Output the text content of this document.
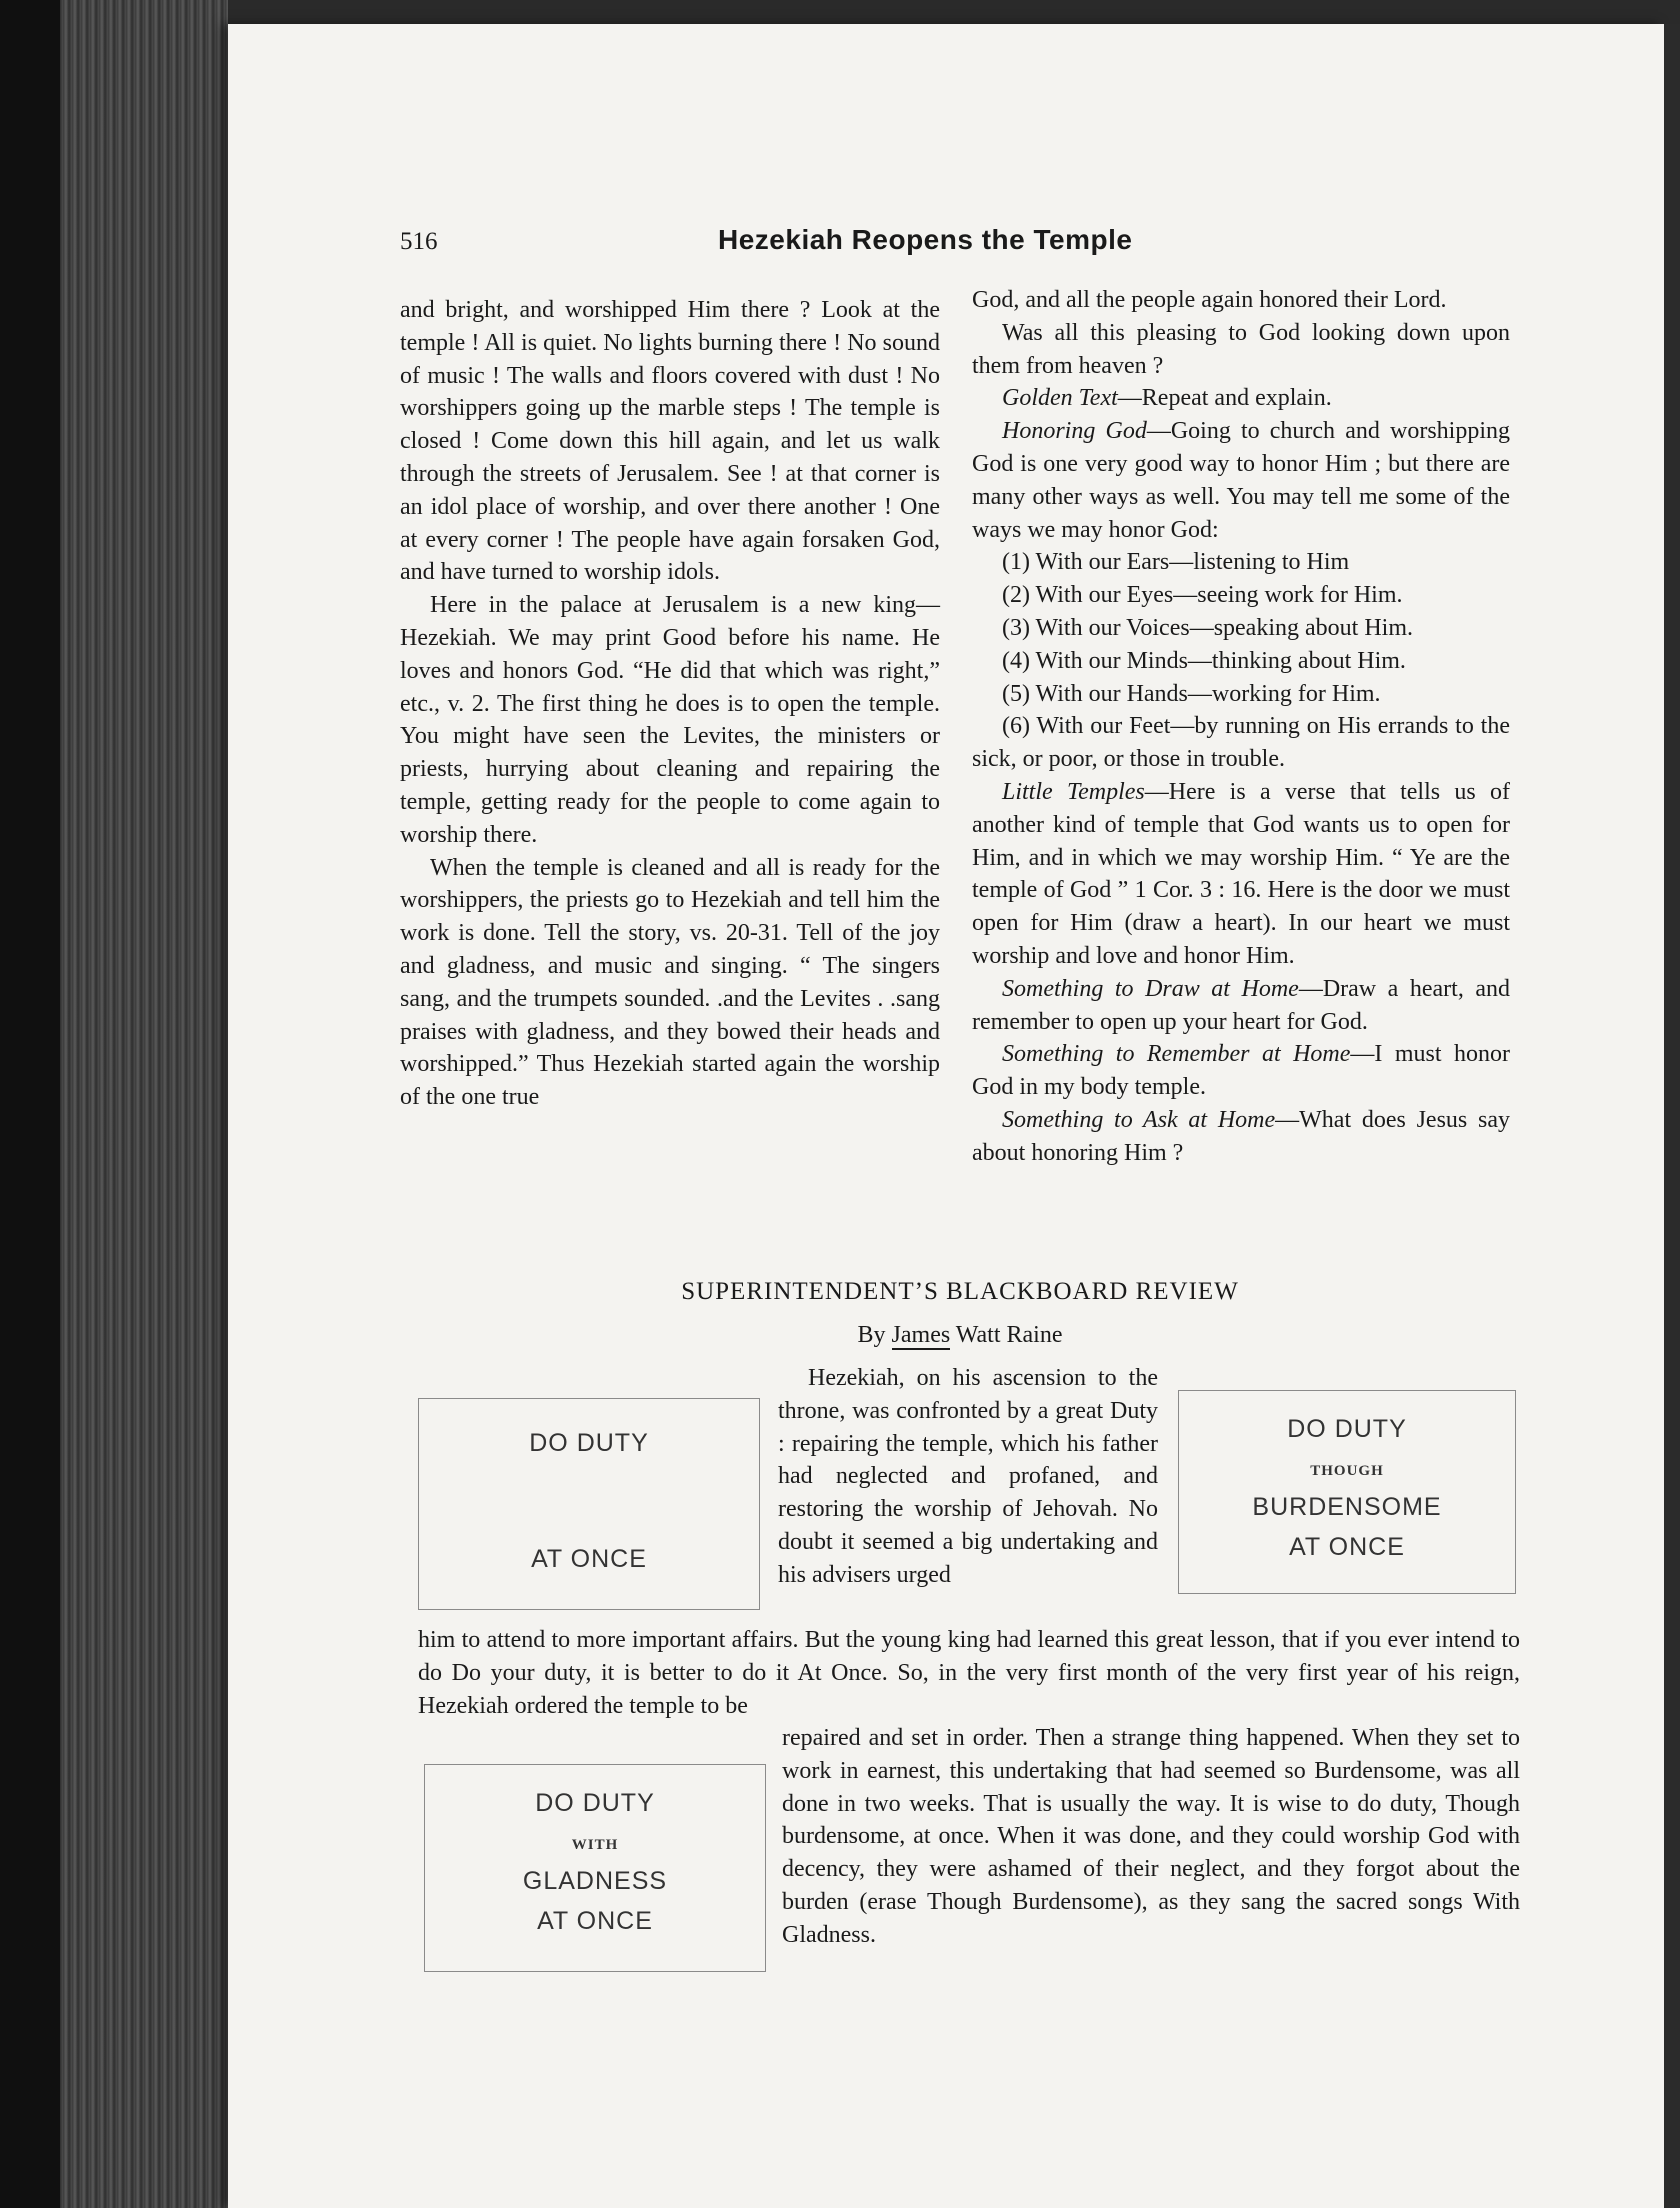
516	Hezekiah Reopens the Temple

and bright, and worshipped Him there ? Look at the temple ! All is quiet. No lights burning there ! No sound of music ! The walls and floors covered with dust ! No worshippers going up the marble steps ! The temple is closed ! Come down this hill again, and let us walk through the streets of Jerusalem. See ! at that corner is an idol place of worship, and over there another ! One at every corner ! The people have again forsaken God, and have turned to worship idols.

Here in the palace at Jerusalem is a new king—Hezekiah. We may print Good before his name. He loves and honors God. “He did that which was right,” etc., v. 2. The first thing he does is to open the temple. You might have seen the Levites, the ministers or priests, hurrying about cleaning and repairing the temple, getting ready for the people to come again to worship there.

When the temple is cleaned and all is ready for the worshippers, the priests go to Hezekiah and tell him the work is done. Tell the story, vs. 20-31. Tell of the joy and gladness, and music and singing. “ The singers sang, and the trumpets sounded. .and the Levites . .sang praises with gladness, and they bowed their heads and worshipped.” Thus Hezekiah started again the worship of the one true

God, and all the people again honored their Lord.

Was all this pleasing to God looking down upon them from heaven ?

Golden Text—Repeat and explain.

Honoring God—Going to church and worshipping God is one very good way to honor Him ; but there are many other ways as well. You may tell me some of the ways we may honor God:

(1) With our Ears—listening to Him

(2) With our Eyes—seeing work for Him.

(3) With our Voices—speaking about Him.

(4) With our Minds—thinking about Him.

(5) With our Hands—working for Him.

(6) With our Feet—by running on His errands to the sick, or poor, or those in trouble.

Little Temples—Here is a verse that tells us of another kind of temple that God wants us to open for Him, and in which we may worship Him. “ Ye are the temple of God ” 1 Cor. 3 : 16. Here is the door we must open for Him (draw a heart). In our heart we must worship and love and honor Him.

Something to Draw at Home—Draw a heart, and remember to open up your heart for God.

Something to Remember at Home—I must honor God in my body temple.

Something to Ask at Home—What does Jesus say about honoring Him ?

SUPERINTENDENT’S BLACKBOARD REVIEW
By James Watt Raine
DO DUTY
AT ONCE

Hezekiah, on his ascension to the throne, was confronted by a great Duty : repairing the temple, which his father had neglected and profaned, and restoring the worship of Jehovah. No doubt it seemed a big undertaking and his advisers urged

DO DUTY
THOUGH
BURDENSOME
AT ONCE

him to attend to more important affairs. But the young king had learned this great lesson, that if you ever intend to do Do your duty, it is better to do it At Once. So, in the very first month of the very first year of his reign, Hezekiah ordered the temple to be

DO DUTY
WITH
GLADNESS
AT ONCE

repaired and set in order. Then a strange thing happened. When they set to work in earnest, this undertaking that had seemed so Burdensome, was all done in two weeks. That is usually the way. It is wise to do duty, Though burdensome, at once. When it was done, and they could worship God with decency, they were ashamed of their neglect, and they forgot about the burden (erase Though Burdensome), as they sang the sacred songs With Gladness.
